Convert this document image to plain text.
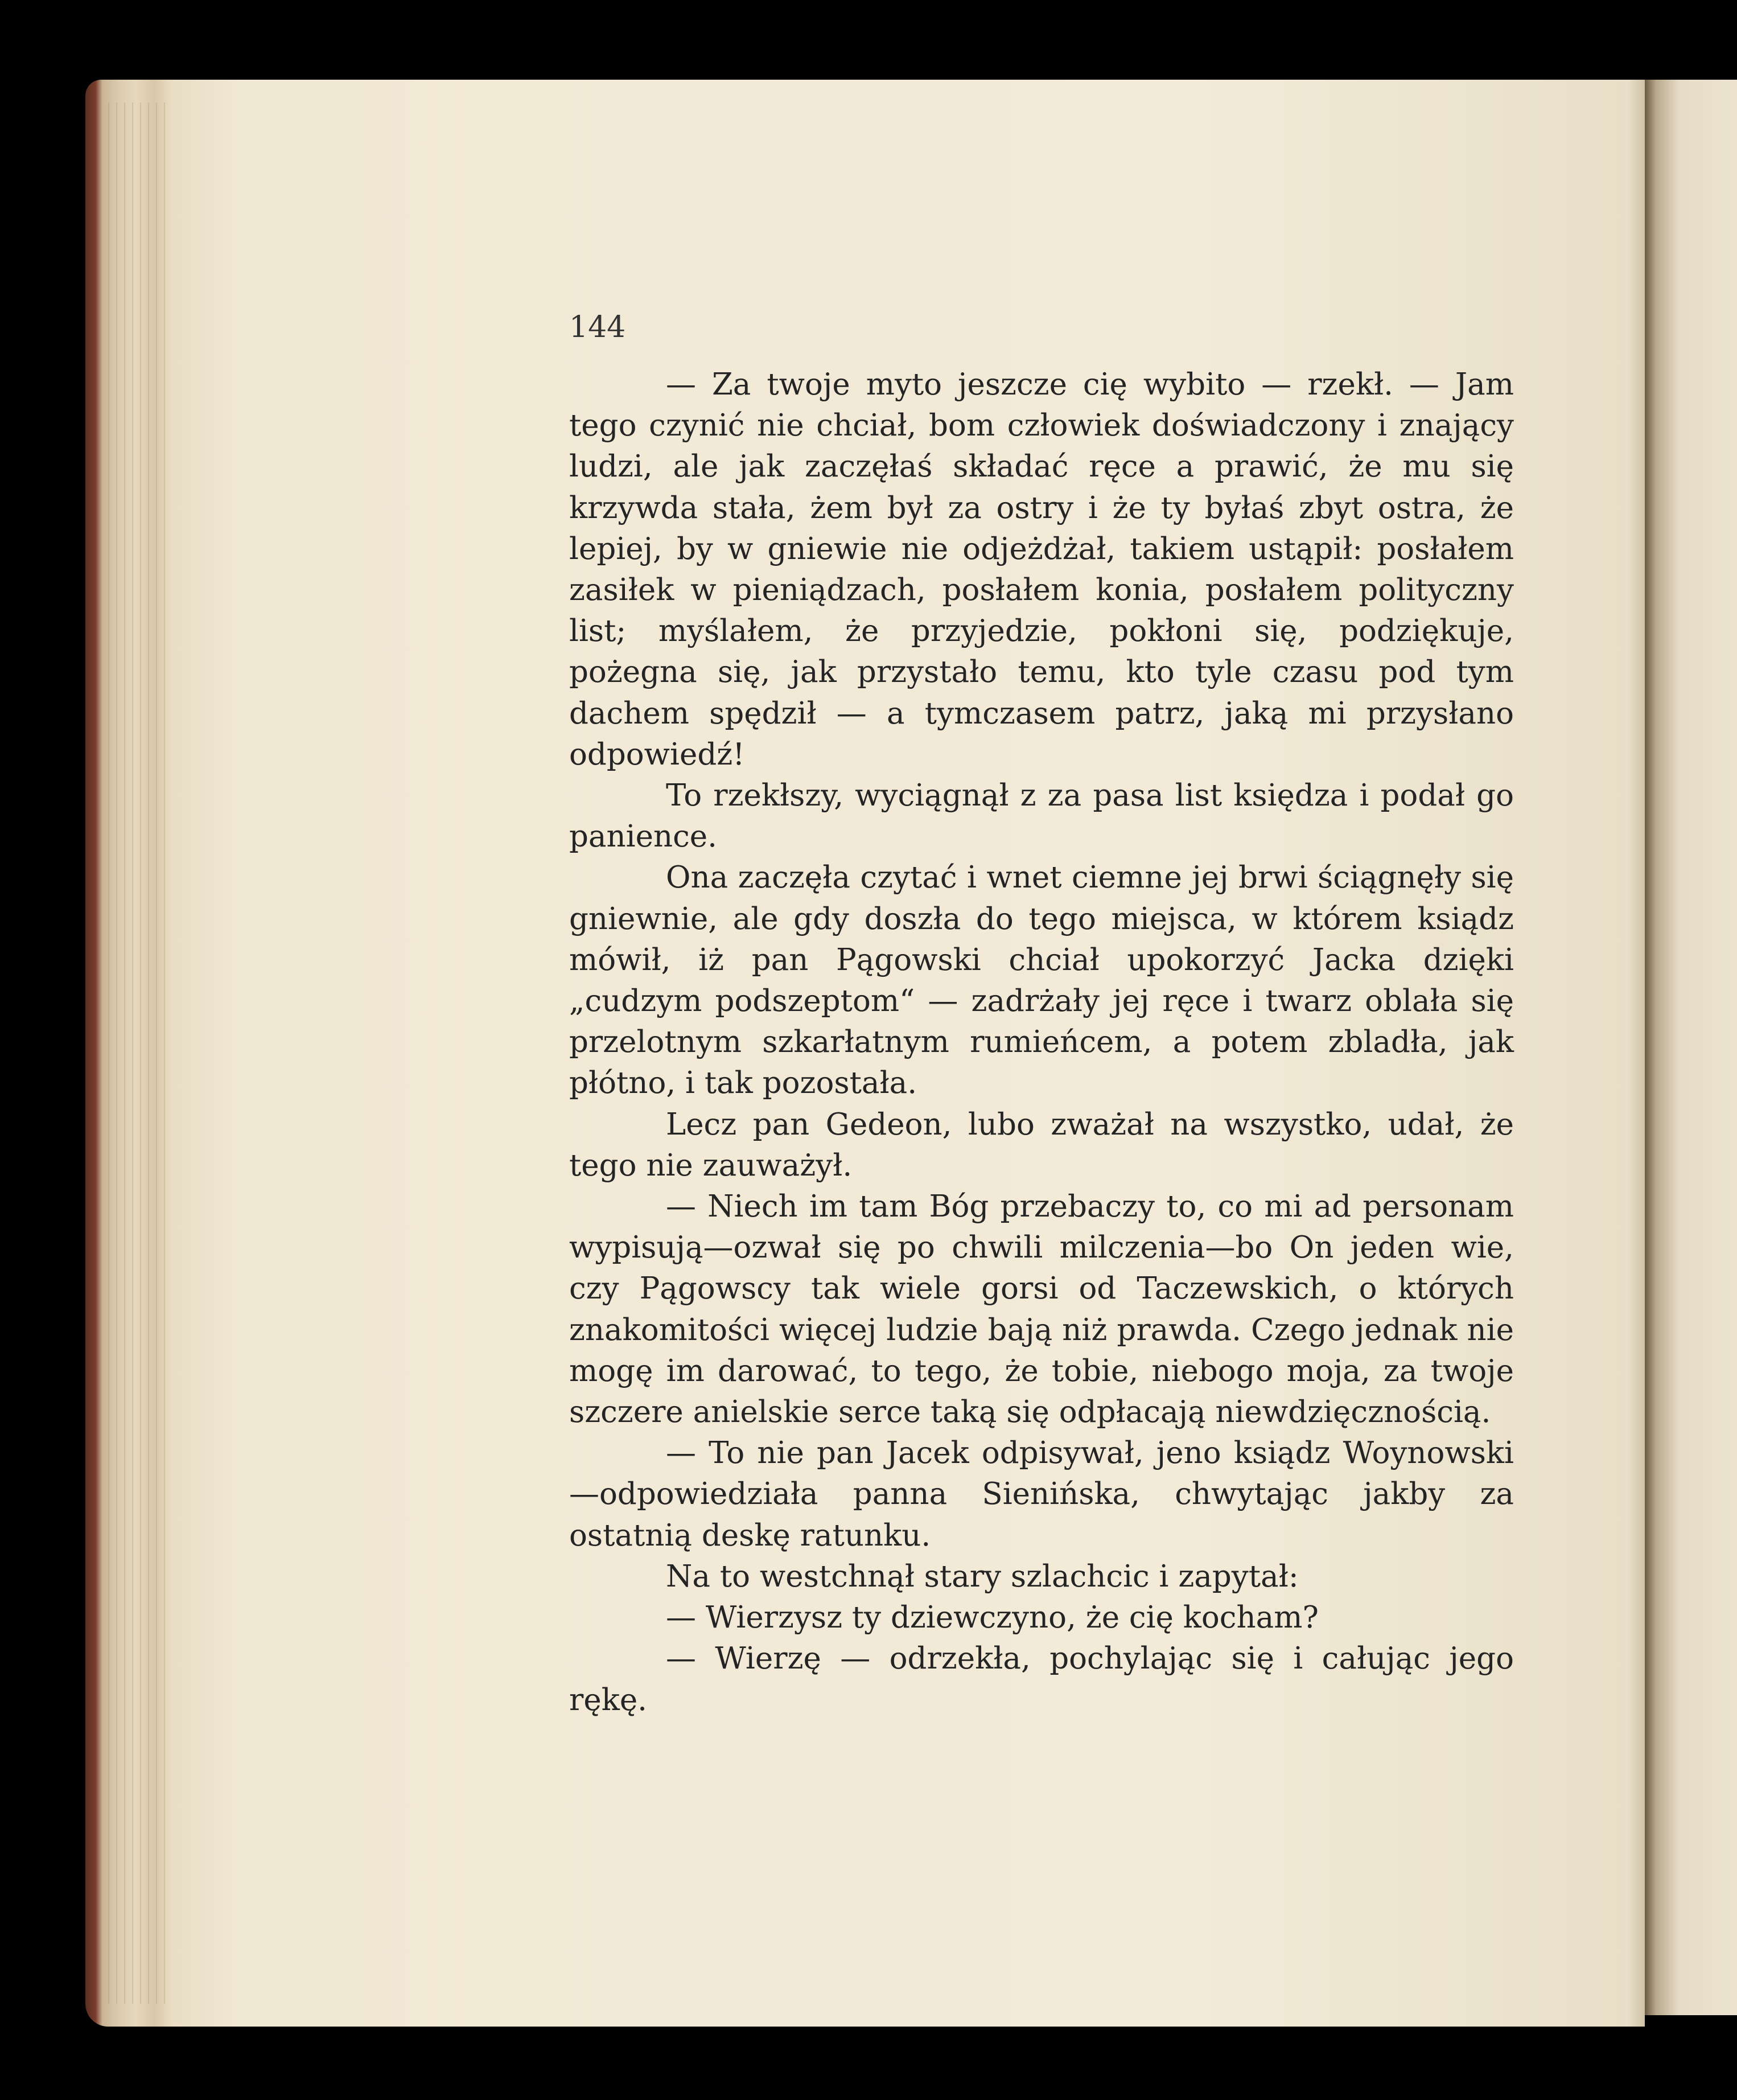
144

— Za twoje myto jeszcze cię wybito — rzekł. — Jam tego czynić nie chciał, bom człowiek doświadczony i znający ludzi, ale jak zaczęłaś składać ręce a prawić, że mu się krzywda stała, żem był za ostry i że ty byłaś zbyt ostra, że lepiej, by w gniewie nie odjeżdżał, takiem ustąpił: posłałem zasiłek w pieniądzach, posłałem konia, posłałem polityczny list; myślałem, że przyjedzie, pokłoni się, podziękuje, pożegna się, jak przystało temu, kto tyle czasu pod tym dachem spędził — a tymczasem patrz, jaką mi przysłano odpowiedź!

To rzekłszy, wyciągnął z za pasa list księdza i podał go panience.

Ona zaczęła czytać i wnet ciemne jej brwi ściągnęły się gniewnie, ale gdy doszła do tego miejsca, w którem ksiądz mówił, iż pan Pągowski chciał upokorzyć Jacka dzięki „cudzym podszeptom“ — zadrżały jej ręce i twarz oblała się przelotnym szkarłatnym rumieńcem, a potem zbladła, jak płótno, i tak pozostała.

Lecz pan Gedeon, lubo zważał na wszystko, udał, że tego nie zauważył.

— Niech im tam Bóg przebaczy to, co mi ad personam wypisują—ozwał się po chwili milczenia—bo On jeden wie, czy Pągowscy tak wiele gorsi od Taczewskich, o których znakomitości więcej ludzie bają niż prawda. Czego jednak nie mogę im darować, to tego, że tobie, niebogo moja, za twoje szczere anielskie serce taką się odpłacają niewdzięcznością.

— To nie pan Jacek odpisywał, jeno ksiądz Woynowski—odpowiedziała panna Sienińska, chwytając jakby za ostatnią deskę ratunku.

Na to westchnął stary szlachcic i zapytał:

— Wierzysz ty dziewczyno, że cię kocham?

— Wierzę — odrzekła, pochylając się i całując jego rękę.
